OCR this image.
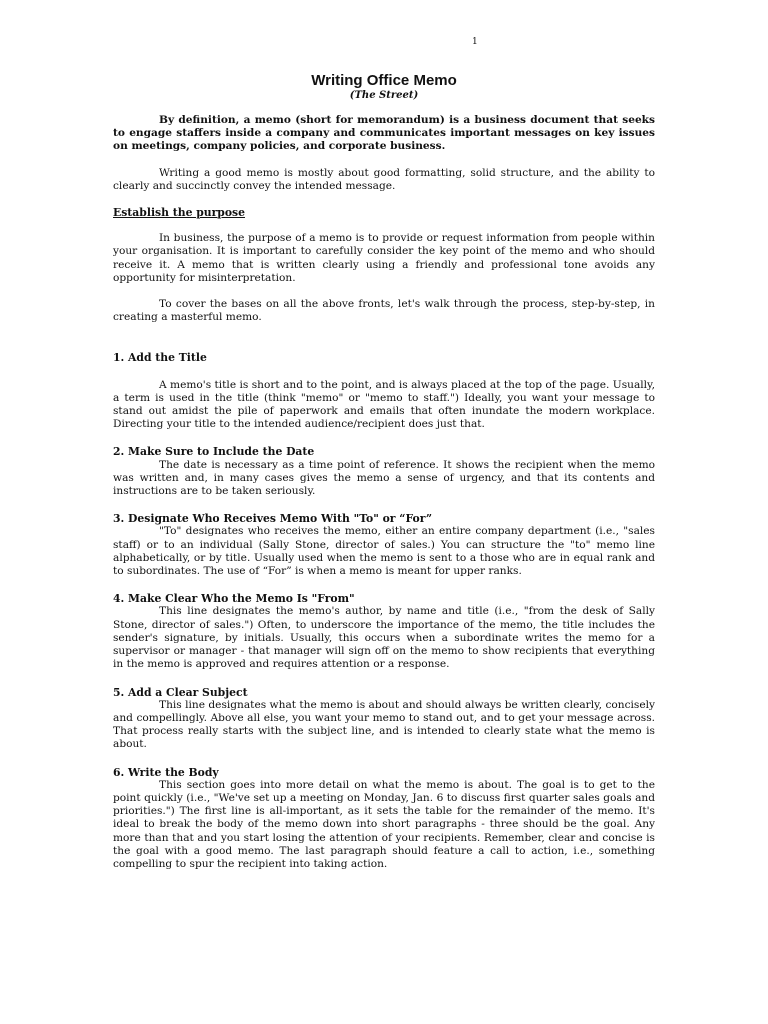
1
Writing Office Memo
(The Street)

By definition, a memo (short for memorandum) is a business document that seeks to engage staffers inside a company and communicates important messages on key issues on meetings, company policies, and corporate business.

Writing a good memo is mostly about good formatting, solid structure, and the ability to clearly and succinctly convey the intended message.

Establish the purpose

In business, the purpose of a memo is to provide or request information from people within your organisation. It is important to carefully consider the key point of the memo and who should receive it. A memo that is written clearly using a friendly and professional tone avoids any opportunity for misinterpretation.

To cover the bases on all the above fronts, let's walk through the process, step-by-step, in creating a masterful memo.

1. Add the Title

A memo's title is short and to the point, and is always placed at the top of the page. Usually, a term is used in the title (think "memo" or "memo to staff.") Ideally, you want your message to stand out amidst the pile of paperwork and emails that often inundate the modern workplace. Directing your title to the intended audience/recipient does just that.

2. Make Sure to Include the Date

The date is necessary as a time point of reference. It shows the recipient when the memo was written and, in many cases gives the memo a sense of urgency, and that its contents and instructions are to be taken seriously.

3. Designate Who Receives Memo With "To" or “For”

"To" designates who receives the memo, either an entire company department (i.e., "sales staff) or to an individual (Sally Stone, director of sales.) You can structure the "to" memo line alphabetically, or by title. Usually used when the memo is sent to a those who are in equal rank and to subordinates. The use of “For” is when a memo is meant for upper ranks.

4. Make Clear Who the Memo Is "From"

This line designates the memo's author, by name and title (i.e., "from the desk of Sally Stone, director of sales.") Often, to underscore the importance of the memo, the title includes the sender's signature, by initials. Usually, this occurs when a subordinate writes the memo for a supervisor or manager - that manager will sign off on the memo to show recipients that everything in the memo is approved and requires attention or a response.

5. Add a Clear Subject

This line designates what the memo is about and should always be written clearly, concisely and compellingly. Above all else, you want your memo to stand out, and to get your message across. That process really starts with the subject line, and is intended to clearly state what the memo is about.

6. Write the Body

This section goes into more detail on what the memo is about. The goal is to get to the point quickly (i.e., "We've set up a meeting on Monday, Jan. 6 to discuss first quarter sales goals and priorities.") The first line is all-important, as it sets the table for the remainder of the memo. It's ideal to break the body of the memo down into short paragraphs - three should be the goal. Any more than that and you start losing the attention of your recipients. Remember, clear and concise is the goal with a good memo. The last paragraph should feature a call to action, i.e., something compelling to spur the recipient into taking action.
